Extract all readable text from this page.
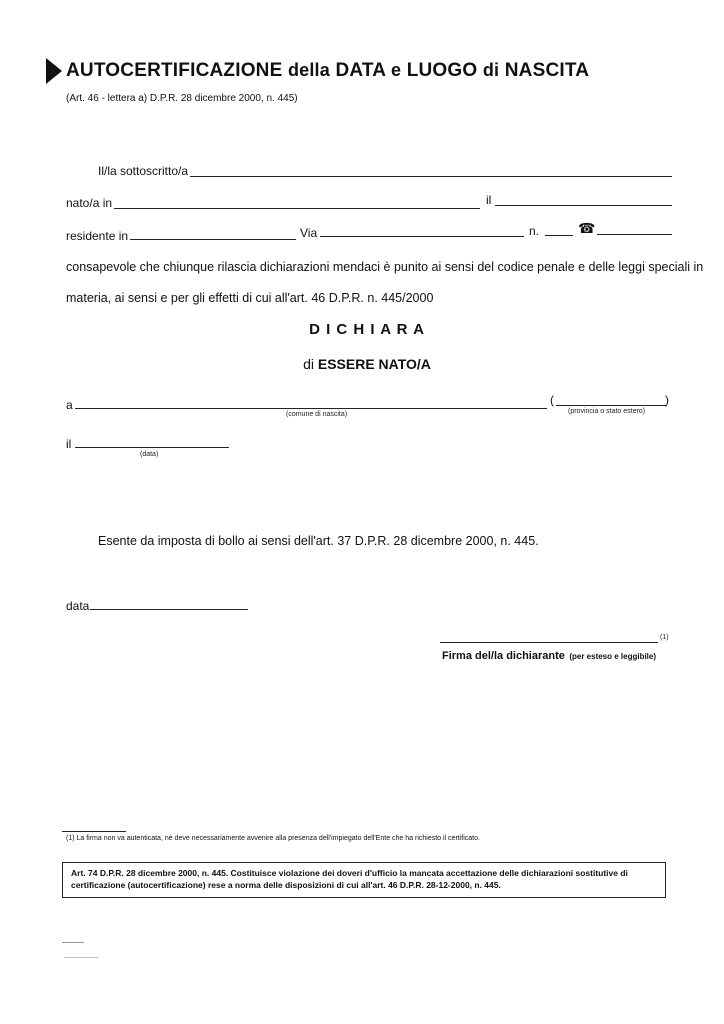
AUTOCERTIFICAZIONE della DATA e LUOGO di NASCITA
(Art. 46 - lettera a) D.P.R. 28 dicembre 2000, n. 445)
Il/la sottoscritto/a
nato/a in	il
residente in	Via	n.	☎
consapevole che chiunque rilascia dichiarazioni mendaci è punito ai sensi del codice penale e delle leggi speciali in
materia, ai sensi e per gli effetti di cui all'art. 46 D.P.R. n. 445/2000
D I C H I A R A
di ESSERE NATO/A
a
(comune di nascita)
(	)
(provincia o stato estero)
il
(data)
Esente da imposta di bollo ai sensi dell'art. 37 D.P.R. 28 dicembre 2000, n. 445.
data
(1)
Firma del/la dichiarante (per esteso e leggibile)
(1) La firma non va autenticata, nè deve necessariamente avvenire alla presenza dell'impiegato dell'Ente che ha richiesto il certificato.
Art. 74 D.P.R. 28 dicembre 2000, n. 445. Costituisce violazione dei doveri d'ufficio la mancata accettazione delle dichiarazioni sostitutive di certificazione (autocertificazione) rese a norma delle disposizioni di cui all'art. 46 D.P.R. 28-12-2000, n. 445.
